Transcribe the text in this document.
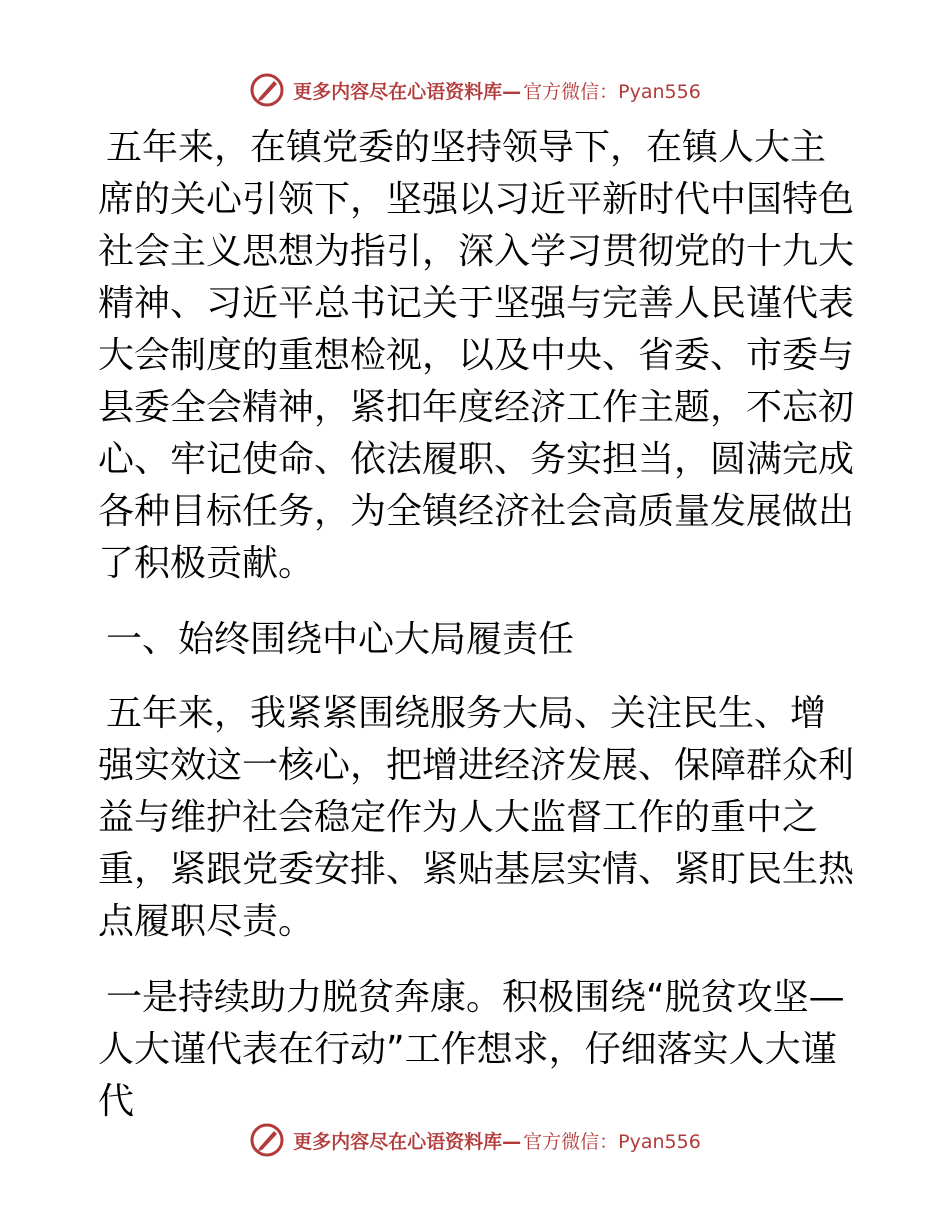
更多内容尽在心语资料库— 官方微信：Pyan556

五年来，在镇党委的坚持领导下，在镇人大主席的关心引领下，坚强以习近平新时代中国特色社会主义思想为指引，深入学习贯彻党的十九大精神、习近平总书记关于坚强与完善人民谨代表大会制度的重想检视，以及中央、省委、市委与县委全会精神，紧扣年度经济工作主题，不忘初心、牢记使命、依法履职、务实担当，圆满完成各种目标任务，为全镇经济社会高质量发展做出了积极贡献。

一、始终围绕中心大局履责任

五年来，我紧紧围绕服务大局、关注民生、增强实效这一核心，把增进经济发展、保障群众利益与维护社会稳定作为人大监督工作的重中之重，紧跟党委安排、紧贴基层实情、紧盯民生热点履职尽责。

一是持续助力脱贫奔康。积极围绕“脱贫攻坚—人大谨代表在行动”工作想求，仔细落实人大谨代

更多内容尽在心语资料库— 官方微信：Pyan556
